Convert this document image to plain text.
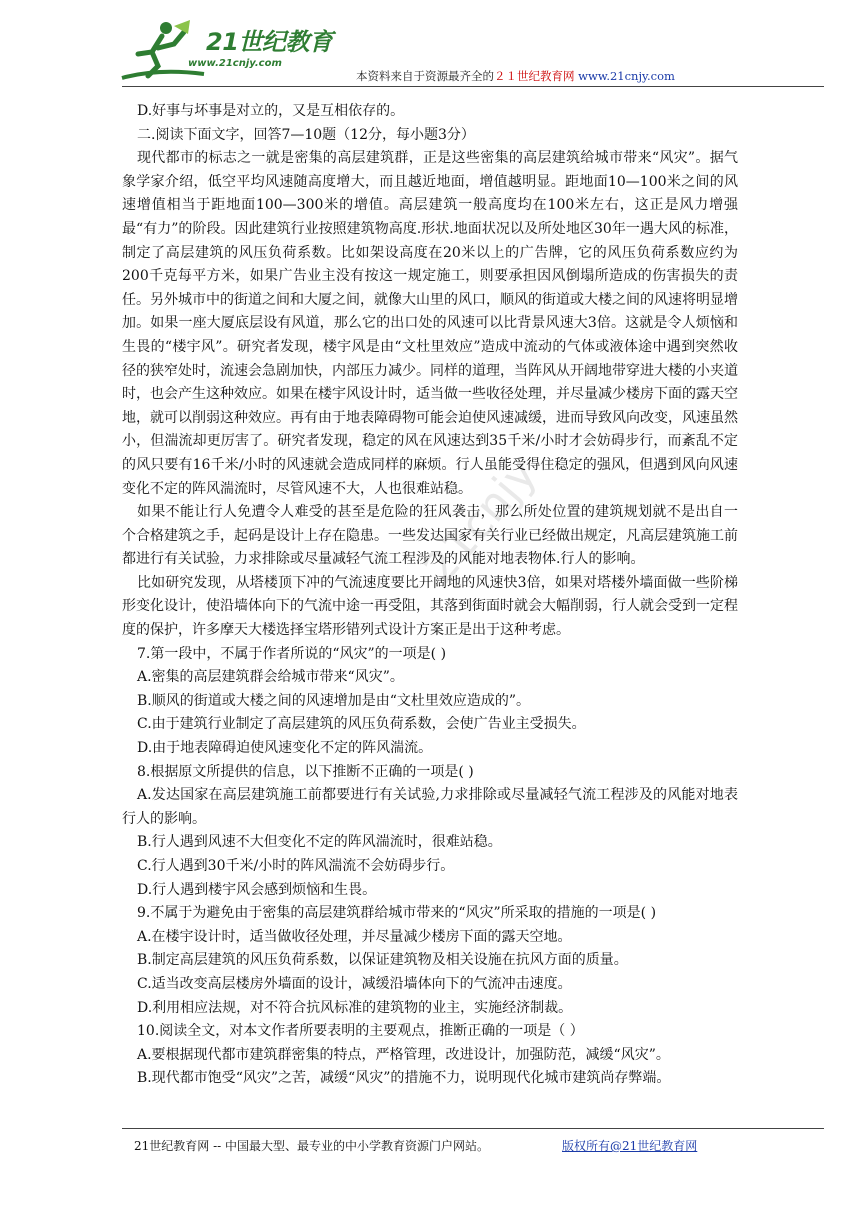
21世纪教育
www.21cnjy.com
本资料来自于资源最齐全的２１世纪教育网 www.21cnjy.com
21cnjy

D.好事与坏事是对立的，又是互相依存的。

二.阅读下面文字，回答7—10题（12分，每小题3分）

现代都市的标志之一就是密集的高层建筑群，正是这些密集的高层建筑给城市带来“风灾”。据气象学家介绍，低空平均风速随高度增大，而且越近地面，增值越明显。距地面10—100米之间的风速增值相当于距地面100—300米的增值。高层建筑一般高度均在100米左右，这正是风力增强最“有力”的阶段。因此建筑行业按照建筑物高度.形状.地面状况以及所处地区30年一遇大风的标准，制定了高层建筑的风压负荷系数。比如架设高度在20米以上的广告牌，它的风压负荷系数应约为200千克每平方米，如果广告业主没有按这一规定施工，则要承担因风倒塌所造成的伤害损失的责任。另外城市中的街道之间和大厦之间，就像大山里的风口，顺风的街道或大楼之间的风速将明显增加。如果一座大厦底层设有风道，那么它的出口处的风速可以比背景风速大3倍。这就是令人烦恼和生畏的“楼宇风”。研究者发现，楼宇风是由“文杜里效应”造成中流动的气体或液体途中遇到突然收径的狭窄处时，流速会急剧加快，内部压力减少。同样的道理，当阵风从开阔地带穿进大楼的小夹道时，也会产生这种效应。如果在楼宇风设计时，适当做一些收径处理，并尽量减少楼房下面的露天空地，就可以削弱这种效应。再有由于地表障碍物可能会迫使风速减缓，进而导致风向改变，风速虽然小，但湍流却更厉害了。研究者发现，稳定的风在风速达到35千米/小时才会妨碍步行，而紊乱不定的风只要有16千米/小时的风速就会造成同样的麻烦。行人虽能受得住稳定的强风，但遇到风向风速变化不定的阵风湍流时，尽管风速不大，人也很难站稳。

如果不能让行人免遭令人难受的甚至是危险的狂风袭击，那么所处位置的建筑规划就不是出自一个合格建筑之手，起码是设计上存在隐患。一些发达国家有关行业已经做出规定，凡高层建筑施工前都进行有关试验，力求排除或尽量减轻气流工程涉及的风能对地表物体.行人的影响。

比如研究发现，从塔楼顶下冲的气流速度要比开阔地的风速快3倍，如果对塔楼外墙面做一些阶梯形变化设计，使沿墙体向下的气流中途一再受阻，其落到街面时就会大幅削弱，行人就会受到一定程度的保护，许多摩天大楼选择宝塔形错列式设计方案正是出于这种考虑。

7.第一段中，不属于作者所说的“风灾”的一项是( )

A.密集的高层建筑群会给城市带来“风灾”。

B.顺风的街道或大楼之间的风速增加是由“文杜里效应造成的”。

C.由于建筑行业制定了高层建筑的风压负荷系数，会使广告业主受损失。

D.由于地表障碍迫使风速变化不定的阵风湍流。

8.根据原文所提供的信息，以下推断不正确的一项是( )

A.发达国家在高层建筑施工前都要进行有关试验,力求排除或尽量减轻气流工程涉及的风能对地表行人的影响。

B.行人遇到风速不大但变化不定的阵风湍流时，很难站稳。

C.行人遇到30千米/小时的阵风湍流不会妨碍步行。

D.行人遇到楼宇风会感到烦恼和生畏。

9.不属于为避免由于密集的高层建筑群给城市带来的“风灾”所采取的措施的一项是( )

A.在楼宇设计时，适当做收径处理，并尽量减少楼房下面的露天空地。

B.制定高层建筑的风压负荷系数，以保证建筑物及相关设施在抗风方面的质量。

C.适当改变高层楼房外墙面的设计，减缓沿墙体向下的气流冲击速度。

D.利用相应法规，对不符合抗风标准的建筑物的业主，实施经济制裁。

10.阅读全文，对本文作者所要表明的主要观点，推断正确的一项是（ ）

A.要根据现代都市建筑群密集的特点，严格管理，改进设计，加强防范，减缓“风灾”。

B.现代都市饱受“风灾”之苦，减缓“风灾”的措施不力，说明现代化城市建筑尚存弊端。

21世纪教育网 -- 中国最大型、最专业的中小学教育资源门户网站。	版权所有@21世纪教育网
